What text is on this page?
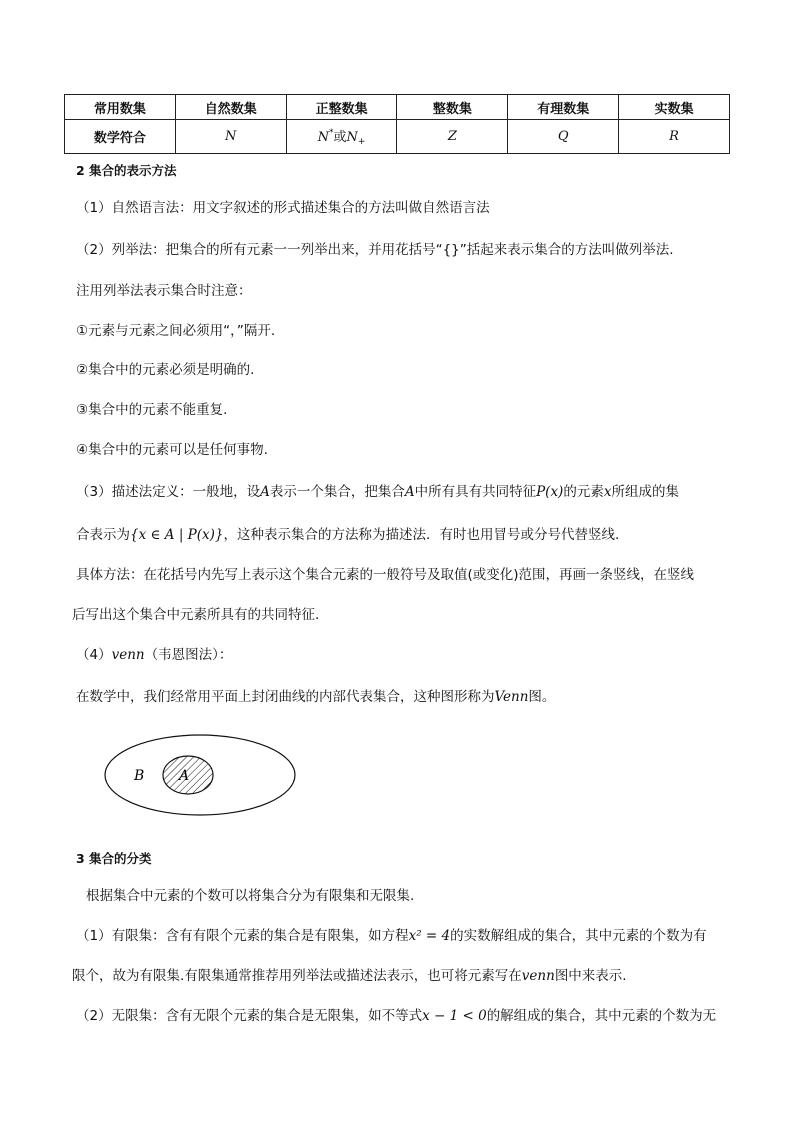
常用数集	自然数集	正整数集	整数集	有理数集	实数集
数学符合	N	N*或$N_+$	Z	Q	R
2 集合的表示方法
（1）自然语言法：用文字叙述的形式描述集合的方法叫做自然语言法
（2）列举法：把集合的所有元素一一列举出来，并用花括号“{}”括起来表示集合的方法叫做列举法.
注用列举法表示集合时注意：
①元素与元素之间必须用“，”隔开.
②集合中的元素必须是明确的.
③集合中的元素不能重复.
④集合中的元素可以是任何事物.
（3）描述法定义：一般地，设A表示一个集合，把集合A中所有具有共同特征P(x)的元素x所组成的集
合表示为{x ∈ A | P(x)}，这种表示集合的方法称为描述法．有时也用冒号或分号代替竖线.
具体方法：在花括号内先写上表示这个集合元素的一般符号及取值(或变化)范围，再画一条竖线，在竖线
后写出这个集合中元素所具有的共同特征.
（4）venn（韦恩图法）：
在数学中，我们经常用平面上封闭曲线的内部代表集合，这种图形称为Venn图。
B A
3 集合的分类
根据集合中元素的个数可以将集合分为有限集和无限集.
（1）有限集：含有有限个元素的集合是有限集，如方程x² = 4的实数解组成的集合，其中元素的个数为有
限个，故为有限集.有限集通常推荐用列举法或描述法表示，也可将元素写在venn图中来表示.
（2）无限集：含有无限个元素的集合是无限集，如不等式x − 1 < 0的解组成的集合，其中元素的个数为无
